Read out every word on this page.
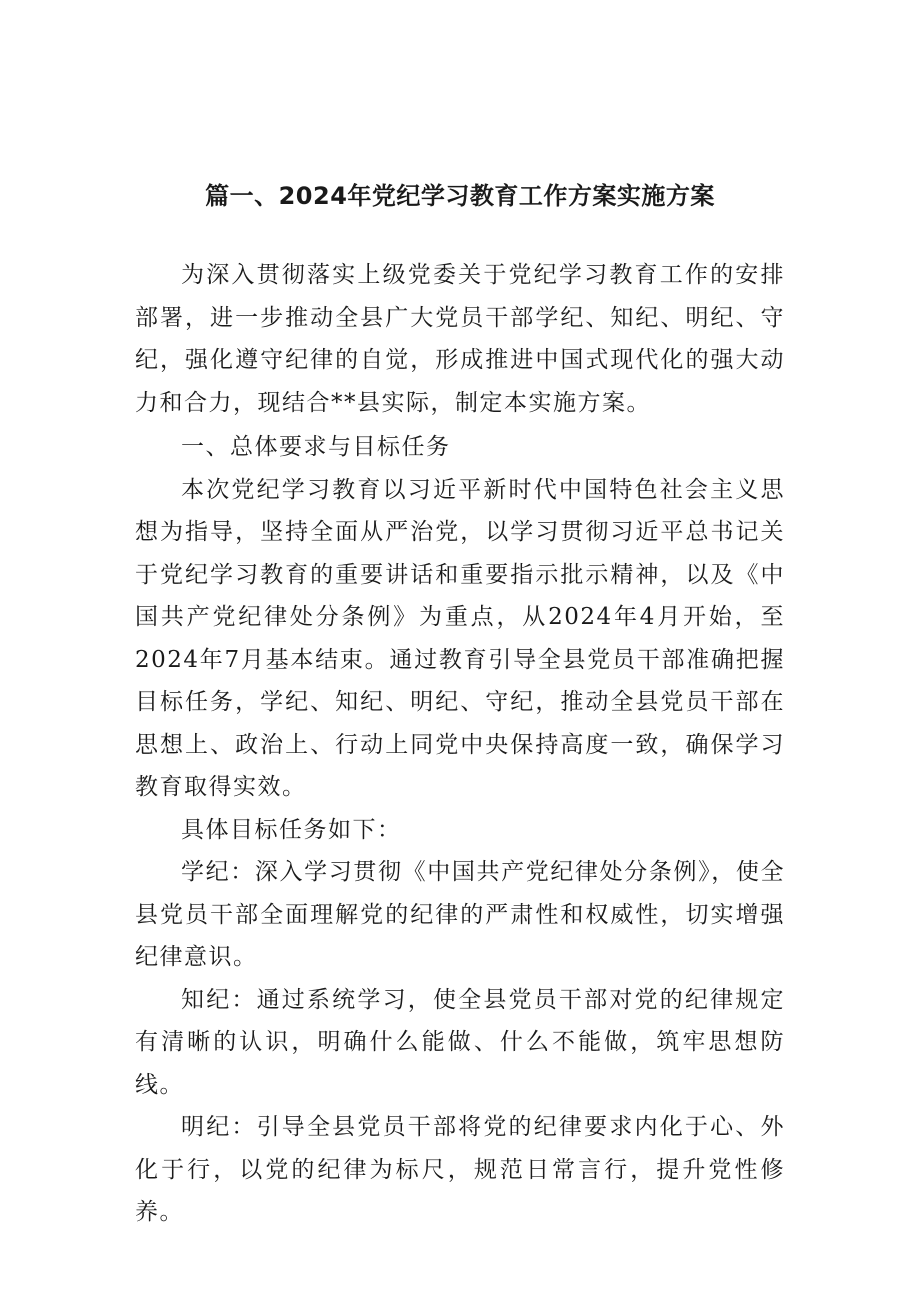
篇一、2024年党纪学习教育工作方案实施方案

为深入贯彻落实上级党委关于党纪学习教育工作的安排部署，进一步推动全县广大党员干部学纪、知纪、明纪、守纪，强化遵守纪律的自觉，形成推进中国式现代化的强大动力和合力，现结合**县实际，制定本实施方案。

一、总体要求与目标任务

本次党纪学习教育以习近平新时代中国特色社会主义思想为指导，坚持全面从严治党，以学习贯彻习近平总书记关于党纪学习教育的重要讲话和重要指示批示精神，以及《中国共产党纪律处分条例》为重点，从2024年4月开始，至2024年7月基本结束。通过教育引导全县党员干部准确把握目标任务，学纪、知纪、明纪、守纪，推动全县党员干部在思想上、政治上、行动上同党中央保持高度一致，确保学习教育取得实效。

具体目标任务如下：

学纪：深入学习贯彻《中国共产党纪律处分条例》，使全县党员干部全面理解党的纪律的严肃性和权威性，切实增强纪律意识。

知纪：通过系统学习，使全县党员干部对党的纪律规定有清晰的认识，明确什么能做、什么不能做，筑牢思想防线。

明纪：引导全县党员干部将党的纪律要求内化于心、外化于行，以党的纪律为标尺，规范日常言行，提升党性修养。
